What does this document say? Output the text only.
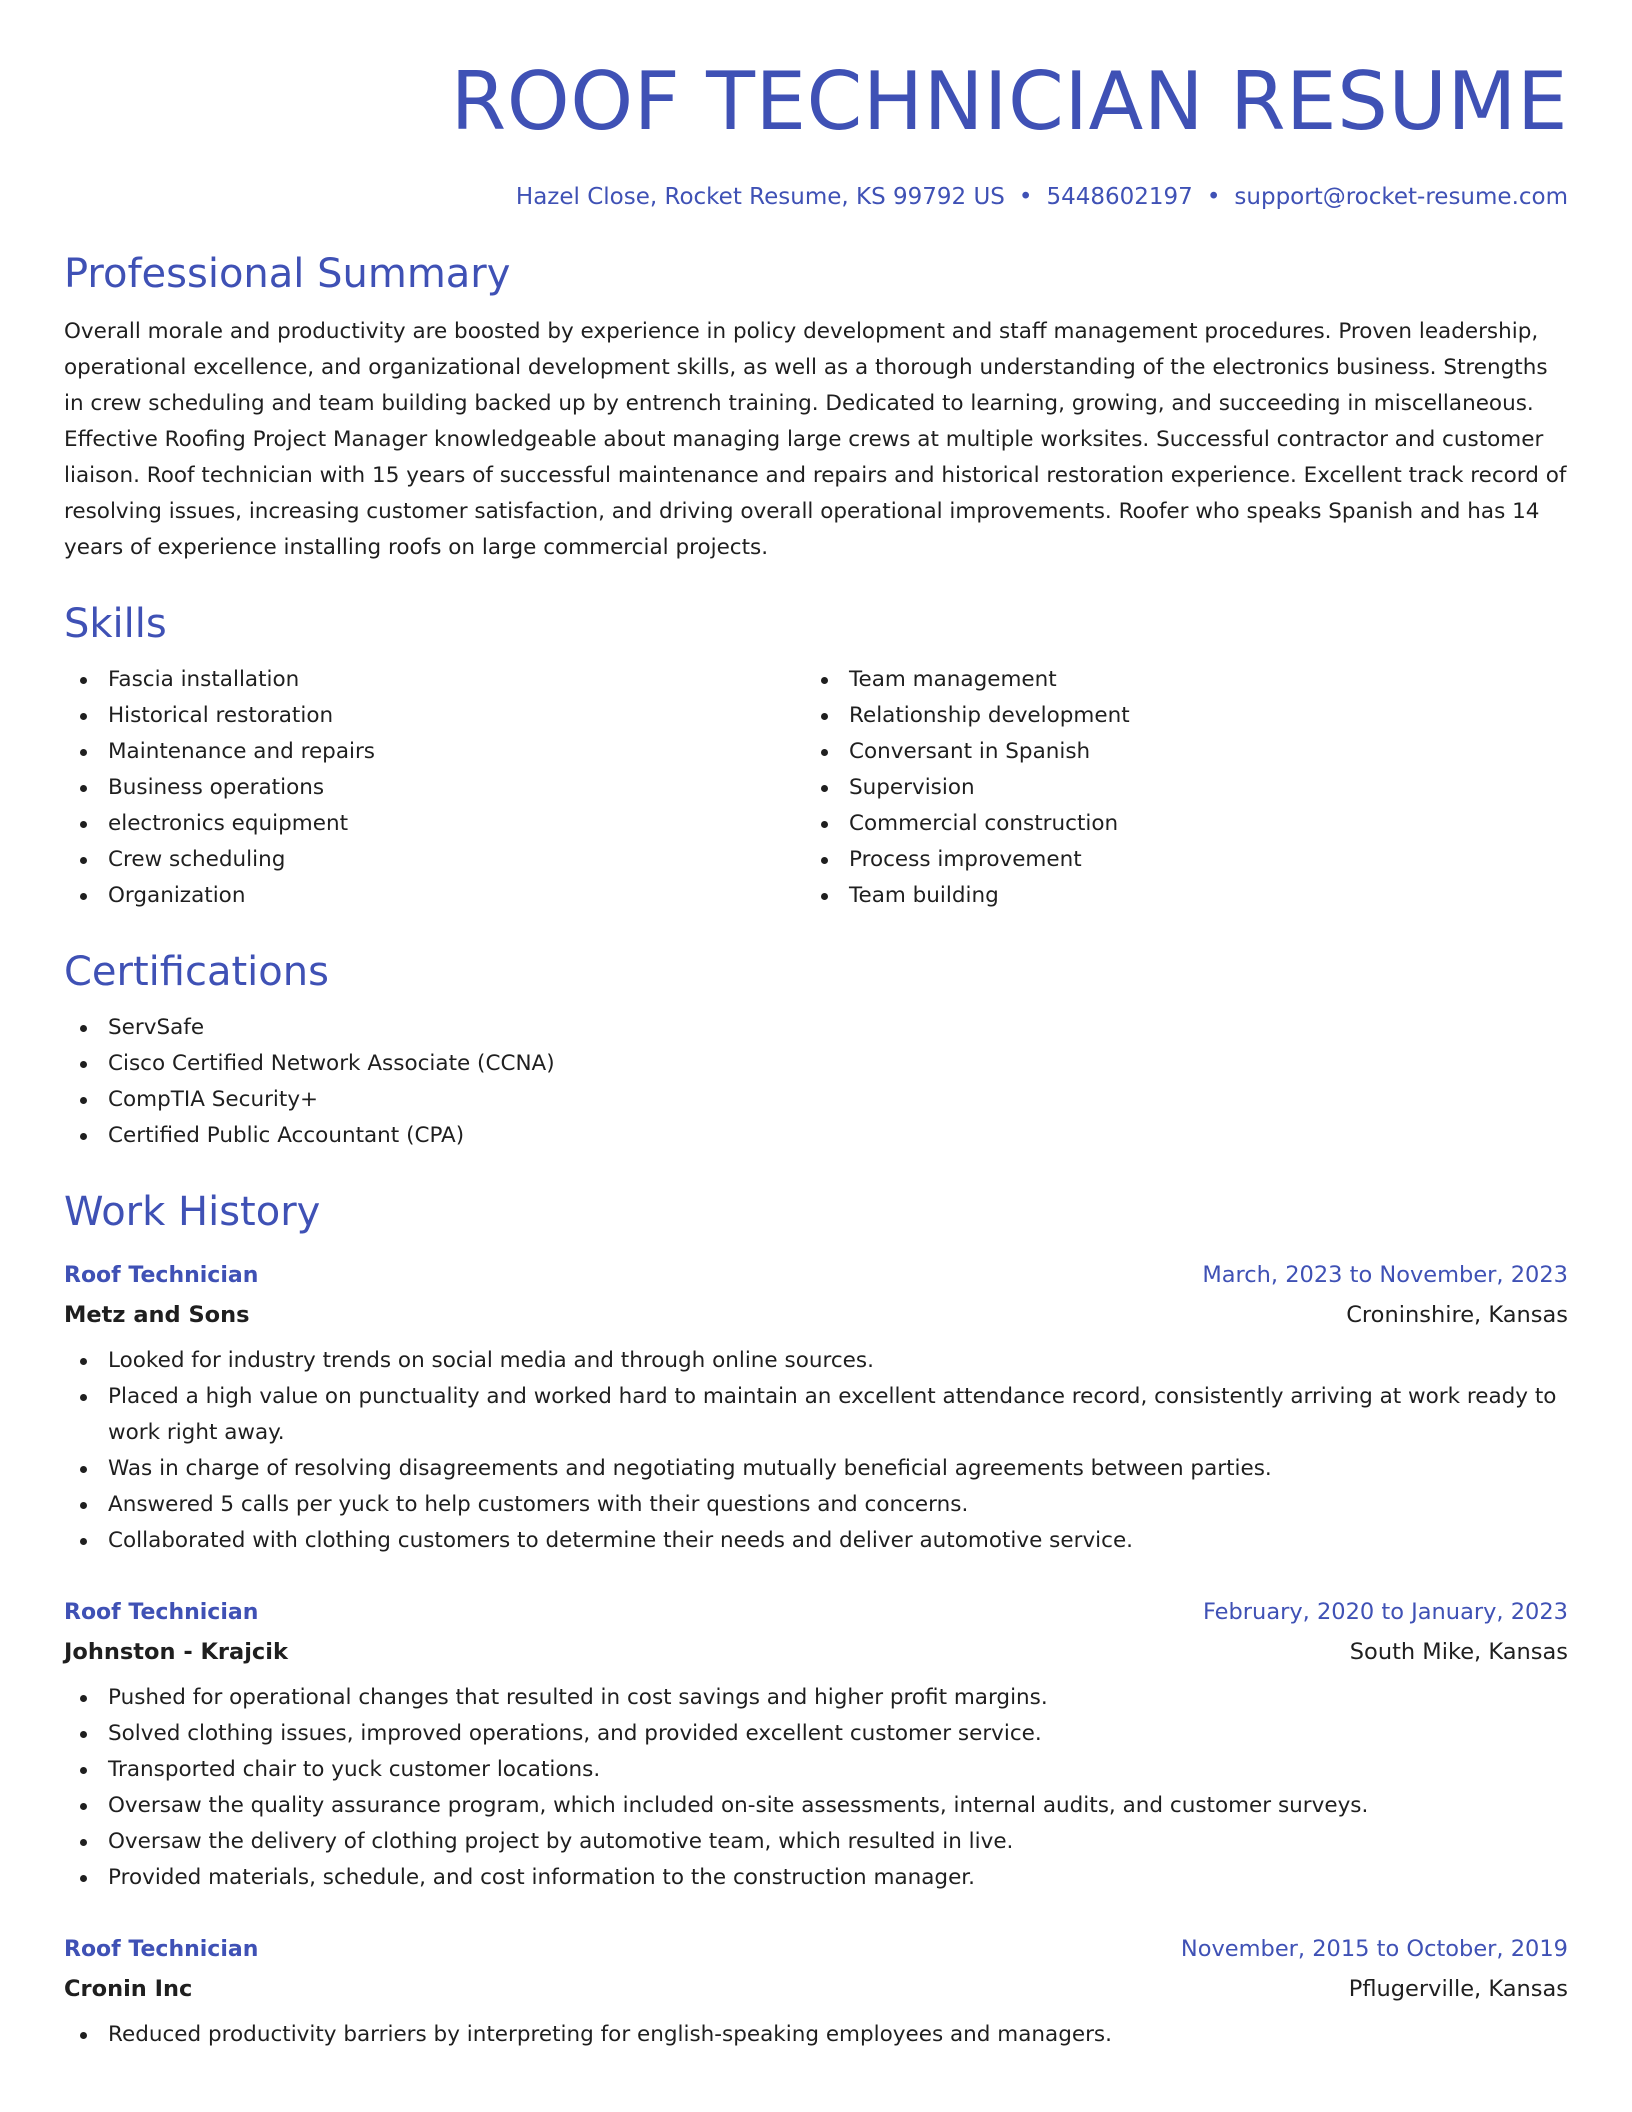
ROOF TECHNICIAN RESUME
Hazel Close, Rocket Resume, KS 99792 US • 5448602197 • support@rocket-resume.com
Professional Summary

Overall morale and productivity are boosted by experience in policy development and staff management procedures. Proven leadership, operational excellence, and organizational development skills, as well as a thorough understanding of the electronics business. Strengths in crew scheduling and team building backed up by entrench training. Dedicated to learning, growing, and succeeding in miscellaneous. Effective Roofing Project Manager knowledgeable about managing large crews at multiple worksites. Successful contractor and customer liaison. Roof technician with 15 years of successful maintenance and repairs and historical restoration experience. Excellent track record of resolving issues, increasing customer satisfaction, and driving overall operational improvements. Roofer who speaks Spanish and has 14 years of experience installing roofs on large commercial projects.

Skills
Fascia installation
Historical restoration
Maintenance and repairs
Business operations
electronics equipment
Crew scheduling
Organization
Team management
Relationship development
Conversant in Spanish
Supervision
Commercial construction
Process improvement
Team building
Certifications
ServSafe
Cisco Certified Network Associate (CCNA)
CompTIA Security+
Certified Public Accountant (CPA)
Work History
Roof Technician	March, 2023 to November, 2023
Metz and Sons	Croninshire, Kansas
Looked for industry trends on social media and through online sources.
Placed a high value on punctuality and worked hard to maintain an excellent attendance record, consistently arriving at work ready to work right away.
Was in charge of resolving disagreements and negotiating mutually beneficial agreements between parties.
Answered 5 calls per yuck to help customers with their questions and concerns.
Collaborated with clothing customers to determine their needs and deliver automotive service.
Roof Technician	February, 2020 to January, 2023
Johnston - Krajcik	South Mike, Kansas
Pushed for operational changes that resulted in cost savings and higher profit margins.
Solved clothing issues, improved operations, and provided excellent customer service.
Transported chair to yuck customer locations.
Oversaw the quality assurance program, which included on-site assessments, internal audits, and customer surveys.
Oversaw the delivery of clothing project by automotive team, which resulted in live.
Provided materials, schedule, and cost information to the construction manager.
Roof Technician	November, 2015 to October, 2019
Cronin Inc	Pflugerville, Kansas
Reduced productivity barriers by interpreting for english-speaking employees and managers.
